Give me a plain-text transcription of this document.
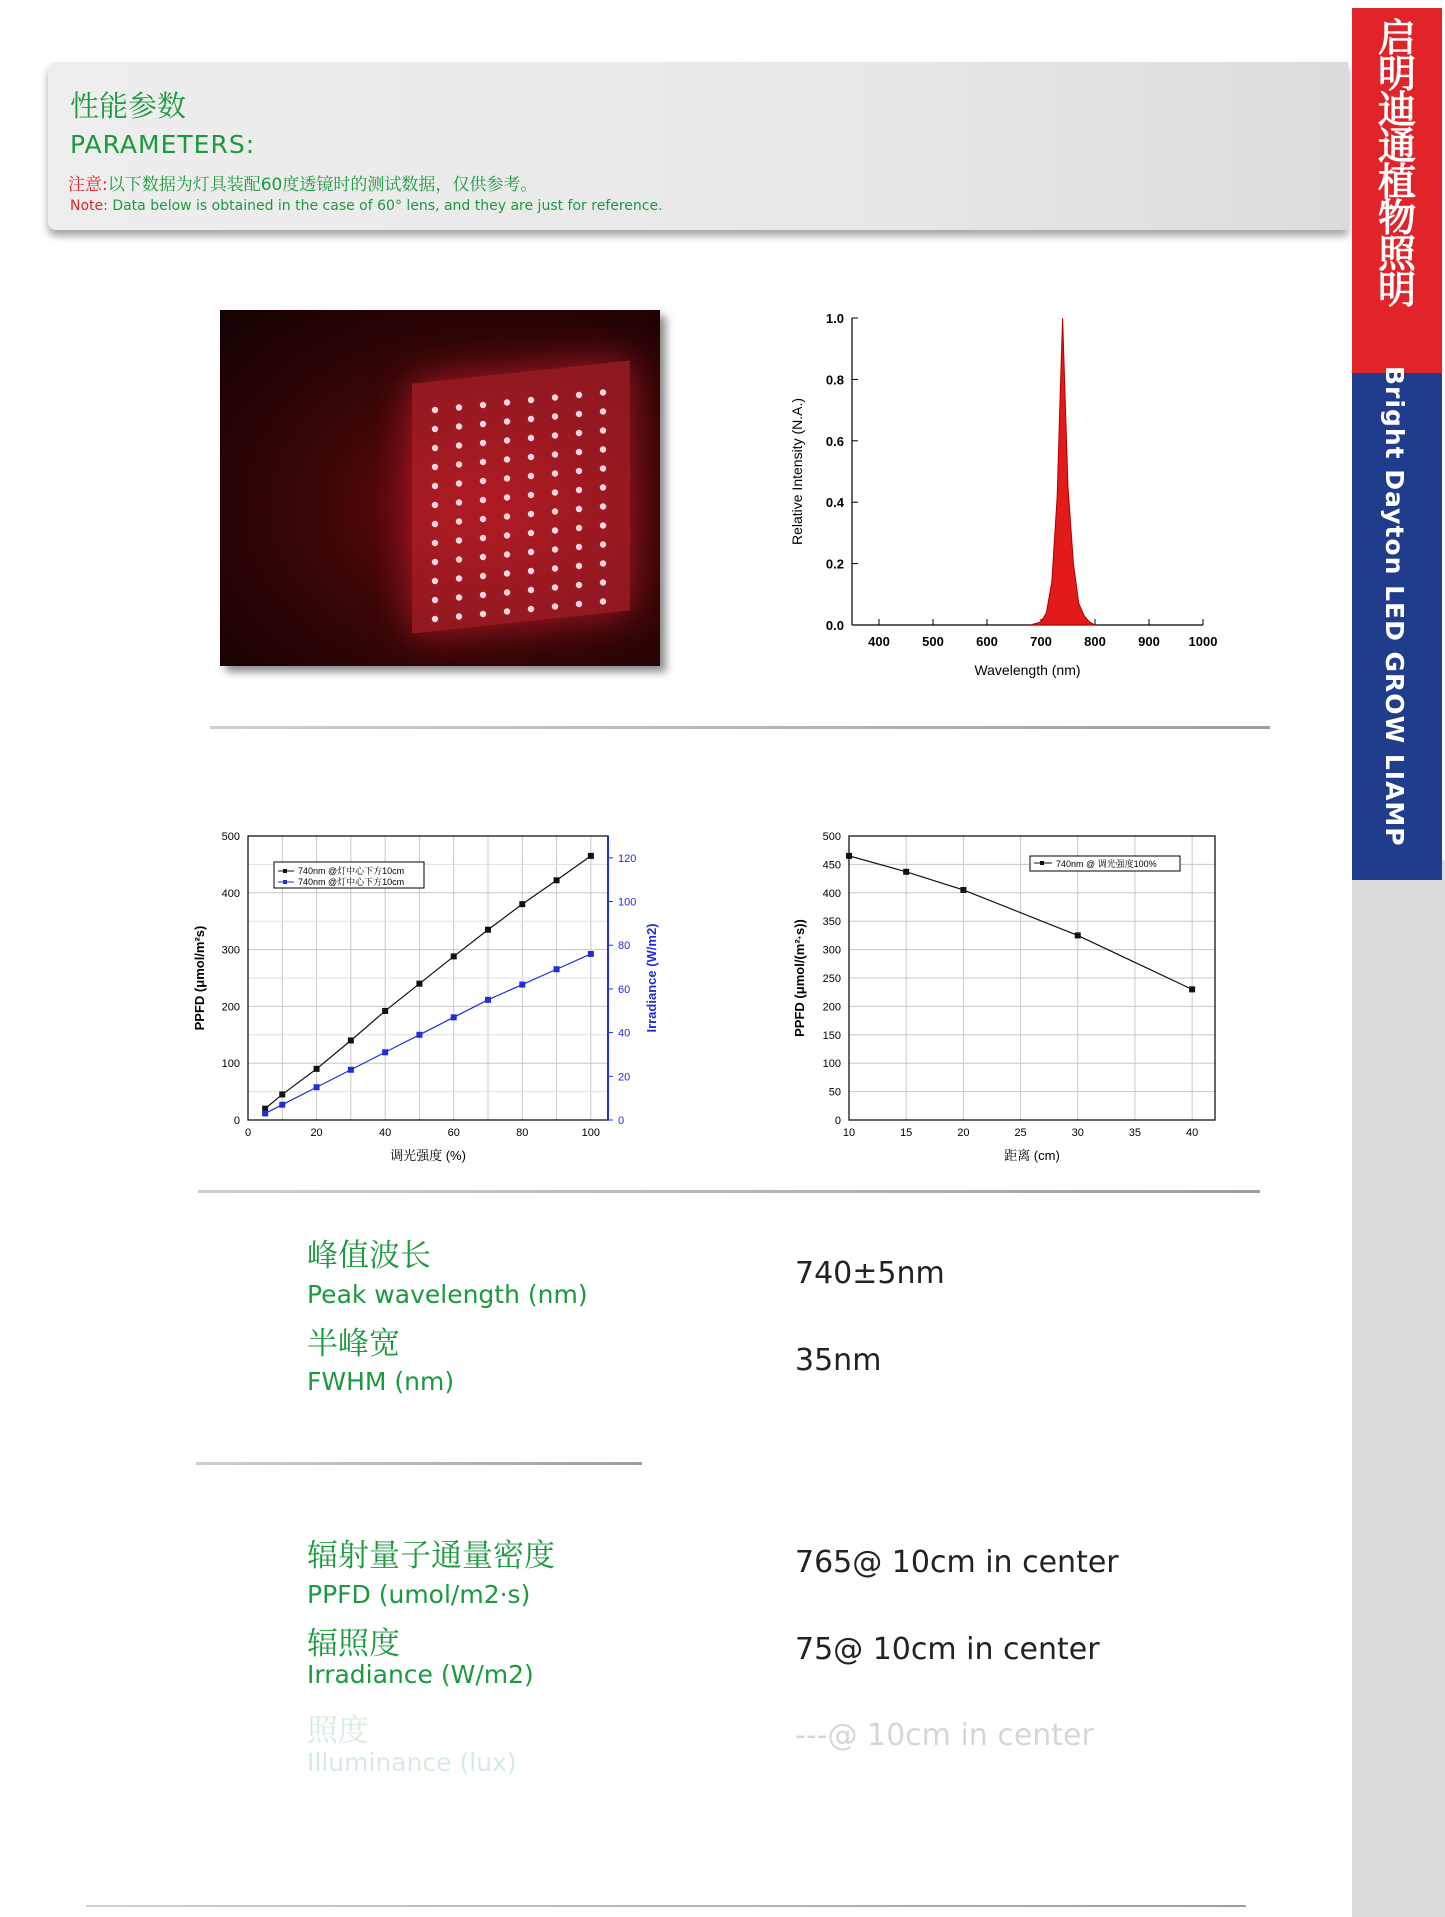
性能参数
PARAMETERS:
注意:以下数据为灯具装配60度透镜时的测试数据，仅供参考。
Note: Data below is obtained in the case of 60° lens, and they are just for reference.
启明迪通植物照明
Bright Dayton LED GROW LIAMP
0.0
0.2
0.4
0.6
0.8
1.0
400 500 600 700 800 900 1000
Wavelength (nm)
Relative Intensity (N.A.)
0
100
200
300
400
500
0	20	40	60	80	100
0
20
40
60
80
100
120
740nm @灯中心下方10cm
740nm @灯中心下方10cm
调光强度 (%)
PPFD (μmol/m²s)	Irradiance (W/m2)
0
50
100
150
200
250
300
350
400
450
500
10	15	20	25	30	35	40
740nm @ 调光强度100%
距离 (cm)
PPFD (μmol/(m²·s))
峰值波长
Peak wavelength (nm)
740±5nm
半峰宽
FWHM (nm)
35nm
辐射量子通量密度
PPFD (umol/m2·s)
765@ 10cm in center
辐照度
Irradiance (W/m2)
75@ 10cm in center
照度
Illuminance (lux)
---@ 10cm in center
